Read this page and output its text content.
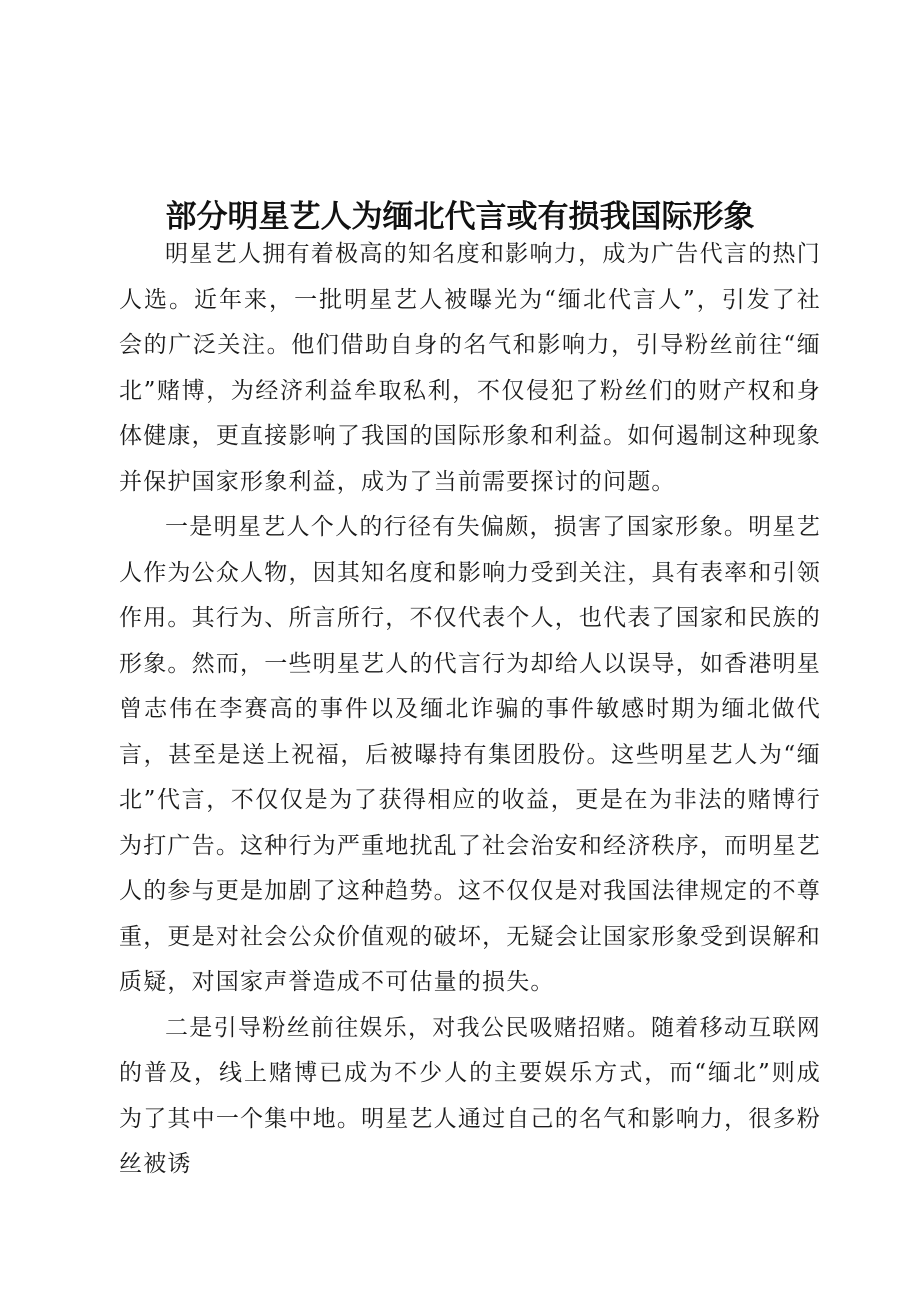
部分明星艺人为缅北代言或有损我国际形象

明星艺人拥有着极高的知名度和影响力，成为广告代言的热门人选。近年来，一批明星艺人被曝光为“缅北代言人”，引发了社会的广泛关注。他们借助自身的名气和影响力，引导粉丝前往“缅北”赌博，为经济利益牟取私利，不仅侵犯了粉丝们的财产权和身体健康，更直接影响了我国的国际形象和利益。如何遏制这种现象并保护国家形象利益，成为了当前需要探讨的问题。

一是明星艺人个人的行径有失偏颇，损害了国家形象。明星艺人作为公众人物，因其知名度和影响力受到关注，具有表率和引领作用。其行为、所言所行，不仅代表个人，也代表了国家和民族的形象。然而，一些明星艺人的代言行为却给人以误导，如香港明星曾志伟在李赛高的事件以及缅北诈骗的事件敏感时期为缅北做代言，甚至是送上祝福，后被曝持有集团股份。这些明星艺人为“缅北”代言，不仅仅是为了获得相应的收益，更是在为非法的赌博行为打广告。这种行为严重地扰乱了社会治安和经济秩序，而明星艺人的参与更是加剧了这种趋势。这不仅仅是对我国法律规定的不尊重，更是对社会公众价值观的破坏，无疑会让国家形象受到误解和质疑，对国家声誉造成不可估量的损失。

二是引导粉丝前往娱乐，对我公民吸赌招赌。随着移动互联网的普及，线上赌博已成为不少人的主要娱乐方式，而“缅北”则成为了其中一个集中地。明星艺人通过自己的名气和影响力，很多粉丝被诱
